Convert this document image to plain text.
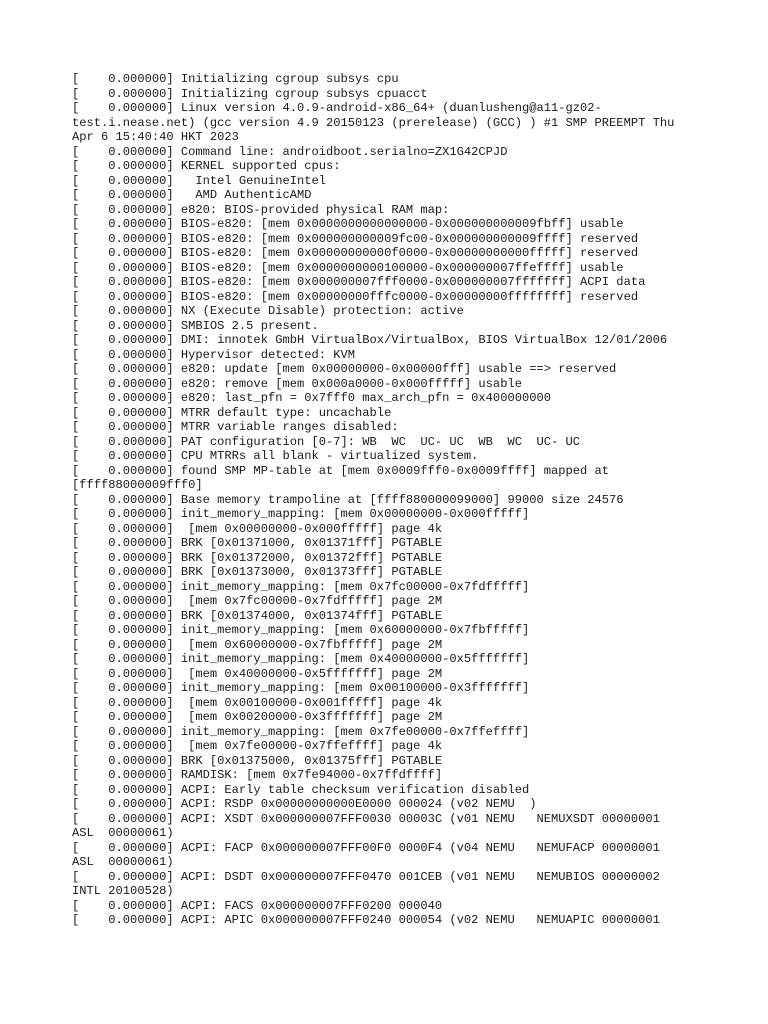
[    0.000000] Initializing cgroup subsys cpu
[    0.000000] Initializing cgroup subsys cpuacct
[    0.000000] Linux version 4.0.9-android-x86_64+ (duanlusheng@a11-gz02-
test.i.nease.net) (gcc version 4.9 20150123 (prerelease) (GCC) ) #1 SMP PREEMPT Thu
Apr 6 15:40:40 HKT 2023
[    0.000000] Command line: androidboot.serialno=ZX1G42CPJD
[    0.000000] KERNEL supported cpus:
[    0.000000]   Intel GenuineIntel
[    0.000000]   AMD AuthenticAMD
[    0.000000] e820: BIOS-provided physical RAM map:
[    0.000000] BIOS-e820: [mem 0x0000000000000000-0x000000000009fbff] usable
[    0.000000] BIOS-e820: [mem 0x000000000009fc00-0x000000000009ffff] reserved
[    0.000000] BIOS-e820: [mem 0x00000000000f0000-0x00000000000fffff] reserved
[    0.000000] BIOS-e820: [mem 0x0000000000100000-0x000000007ffeffff] usable
[    0.000000] BIOS-e820: [mem 0x000000007fff0000-0x000000007fffffff] ACPI data
[    0.000000] BIOS-e820: [mem 0x00000000fffc0000-0x00000000ffffffff] reserved
[    0.000000] NX (Execute Disable) protection: active
[    0.000000] SMBIOS 2.5 present.
[    0.000000] DMI: innotek GmbH VirtualBox/VirtualBox, BIOS VirtualBox 12/01/2006
[    0.000000] Hypervisor detected: KVM
[    0.000000] e820: update [mem 0x00000000-0x00000fff] usable ==> reserved
[    0.000000] e820: remove [mem 0x000a0000-0x000fffff] usable
[    0.000000] e820: last_pfn = 0x7fff0 max_arch_pfn = 0x400000000
[    0.000000] MTRR default type: uncachable
[    0.000000] MTRR variable ranges disabled:
[    0.000000] PAT configuration [0-7]: WB  WC  UC- UC  WB  WC  UC- UC
[    0.000000] CPU MTRRs all blank - virtualized system.
[    0.000000] found SMP MP-table at [mem 0x0009fff0-0x0009ffff] mapped at
[ffff88000009fff0]
[    0.000000] Base memory trampoline at [ffff880000099000] 99000 size 24576
[    0.000000] init_memory_mapping: [mem 0x00000000-0x000fffff]
[    0.000000]  [mem 0x00000000-0x000fffff] page 4k
[    0.000000] BRK [0x01371000, 0x01371fff] PGTABLE
[    0.000000] BRK [0x01372000, 0x01372fff] PGTABLE
[    0.000000] BRK [0x01373000, 0x01373fff] PGTABLE
[    0.000000] init_memory_mapping: [mem 0x7fc00000-0x7fdfffff]
[    0.000000]  [mem 0x7fc00000-0x7fdfffff] page 2M
[    0.000000] BRK [0x01374000, 0x01374fff] PGTABLE
[    0.000000] init_memory_mapping: [mem 0x60000000-0x7fbfffff]
[    0.000000]  [mem 0x60000000-0x7fbfffff] page 2M
[    0.000000] init_memory_mapping: [mem 0x40000000-0x5fffffff]
[    0.000000]  [mem 0x40000000-0x5fffffff] page 2M
[    0.000000] init_memory_mapping: [mem 0x00100000-0x3fffffff]
[    0.000000]  [mem 0x00100000-0x001fffff] page 4k
[    0.000000]  [mem 0x00200000-0x3fffffff] page 2M
[    0.000000] init_memory_mapping: [mem 0x7fe00000-0x7ffeffff]
[    0.000000]  [mem 0x7fe00000-0x7ffeffff] page 4k
[    0.000000] BRK [0x01375000, 0x01375fff] PGTABLE
[    0.000000] RAMDISK: [mem 0x7fe94000-0x7ffdffff]
[    0.000000] ACPI: Early table checksum verification disabled
[    0.000000] ACPI: RSDP 0x00000000000E0000 000024 (v02 NEMU  )
[    0.000000] ACPI: XSDT 0x000000007FFF0030 00003C (v01 NEMU   NEMUXSDT 00000001
ASL  00000061)
[    0.000000] ACPI: FACP 0x000000007FFF00F0 0000F4 (v04 NEMU   NEMUFACP 00000001
ASL  00000061)
[    0.000000] ACPI: DSDT 0x000000007FFF0470 001CEB (v01 NEMU   NEMUBIOS 00000002
INTL 20100528)
[    0.000000] ACPI: FACS 0x000000007FFF0200 000040
[    0.000000] ACPI: APIC 0x000000007FFF0240 000054 (v02 NEMU   NEMUAPIC 00000001
